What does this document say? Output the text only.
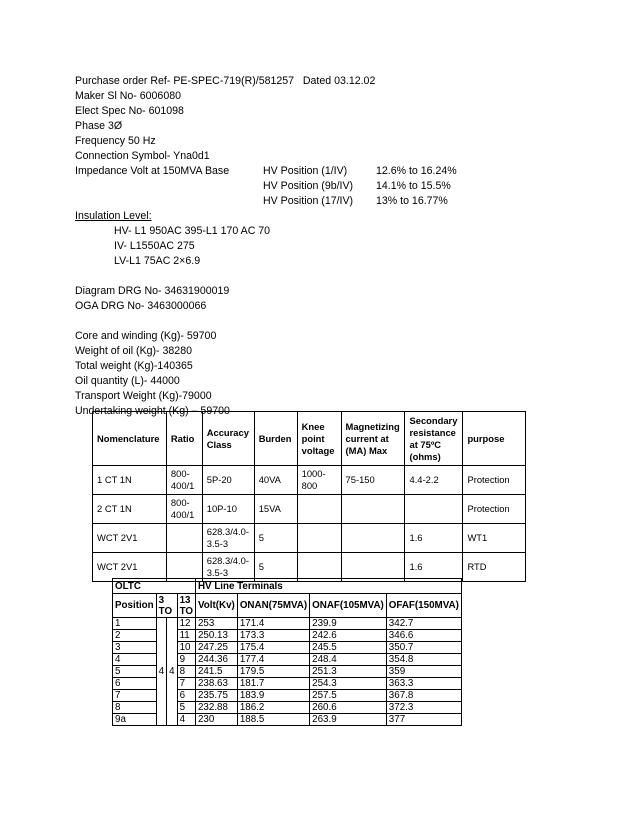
Purchase order Ref- PE-SPEC-719(R)/581257 Dated 03.12.02
Maker Sl No- 6006080
Elect Spec No- 601098
Phase 3Ø
Frequency 50 Hz
Connection Symbol- Yna0d1
Impedance Volt at 150MVA Base	HV Position (1/IV)	12.6% to 16.24%
HV Position (9b/IV) 14.1% to 15.5%
HV Position (17/IV) 13% to 16.77%
Insulation Level:
HV- L1 950AC 395-L1 170 AC 70
IV- L1550AC 275
LV-L1 75AC 2×6.9
Diagram DRG No- 34631900019
OGA DRG No- 3463000066
Core and winding (Kg)- 59700
Weight of oil (Kg)- 38280
Total weight (Kg)-140365
Oil quantity (L)- 44000
Transport Weight (Kg)-79000
Undertaking weight (Kg) – 59700
Nomenclature	Ratio	Accuracy Class	Burden	Knee point voltage	Magnetizing current at (MA) Max	Secondary resistance at 75ºC (ohms)	purpose
1 CT 1N	800-400/1	5P-20	40VA	1000-800	75-150	4.4-2.2	Protection
2 CT 1N	800-400/1	10P-10	15VA				Protection
WCT 2V1		628.3/4.0-3.5-3	5			1.6	WT1
WCT 2V1		628.3/4.0-3.5-3	5			1.6	RTD
OLTC				HV Line Terminals			
Position	3 TO		13 TO	Volt(Kv)	ONAN(75MVA)	ONAF(105MVA)	OFAF(150MVA)
1	4	4	12	253	171.4	239.9	342.7
2			11	250.13	173.3	242.6	346.6
3			10	247.25	175.4	245.5	350.7
4			9	244.36	177.4	248.4	354.8
5			8	241.5	179.5	251.3	359
6			7	238.63	181.7	254.3	363.3
7			6	235.75	183.9	257.5	367.8
8			5	232.88	186.2	260.6	372.3
9a			4	230	188.5	263.9	377
